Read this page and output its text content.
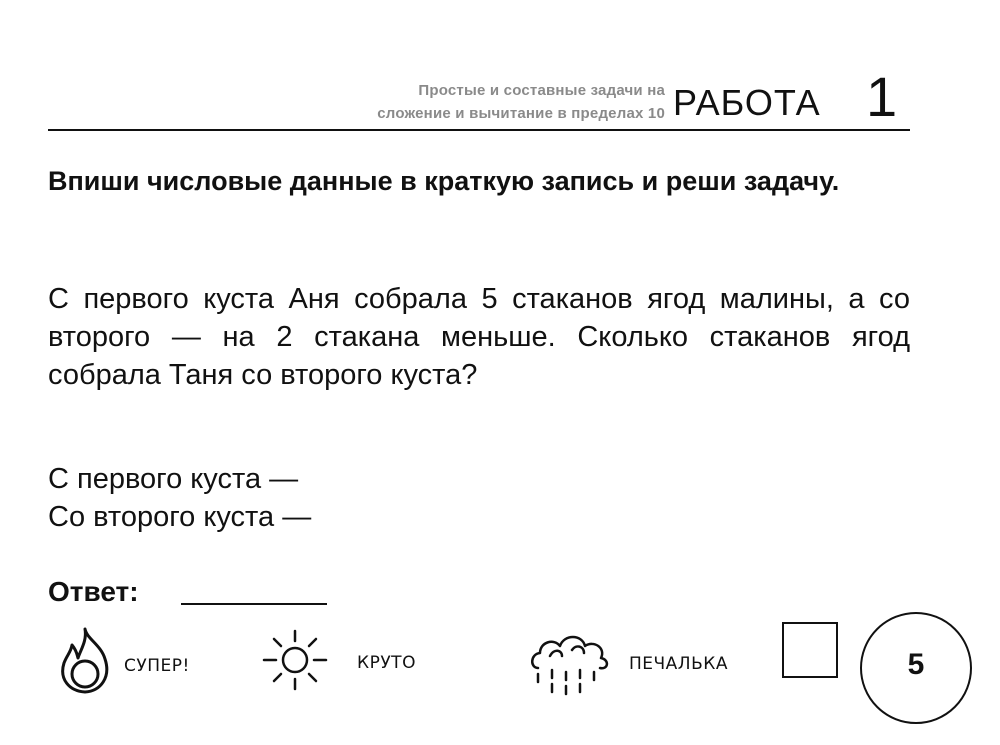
Простые и составные задачи на
сложение и вычитание в пределах 10 РАБОТА 1
Впиши числовые данные в краткую запись и реши задачу.
С первого куста Аня собрала 5 стаканов ягод малины, а со второго — на 2 стакана меньше. Сколько стаканов ягод собрала Таня со второго куста?
С первого куста —
Со второго куста —
Ответ:
СУПЕР!	КРУТО	ПЕЧАЛЬКА	5
